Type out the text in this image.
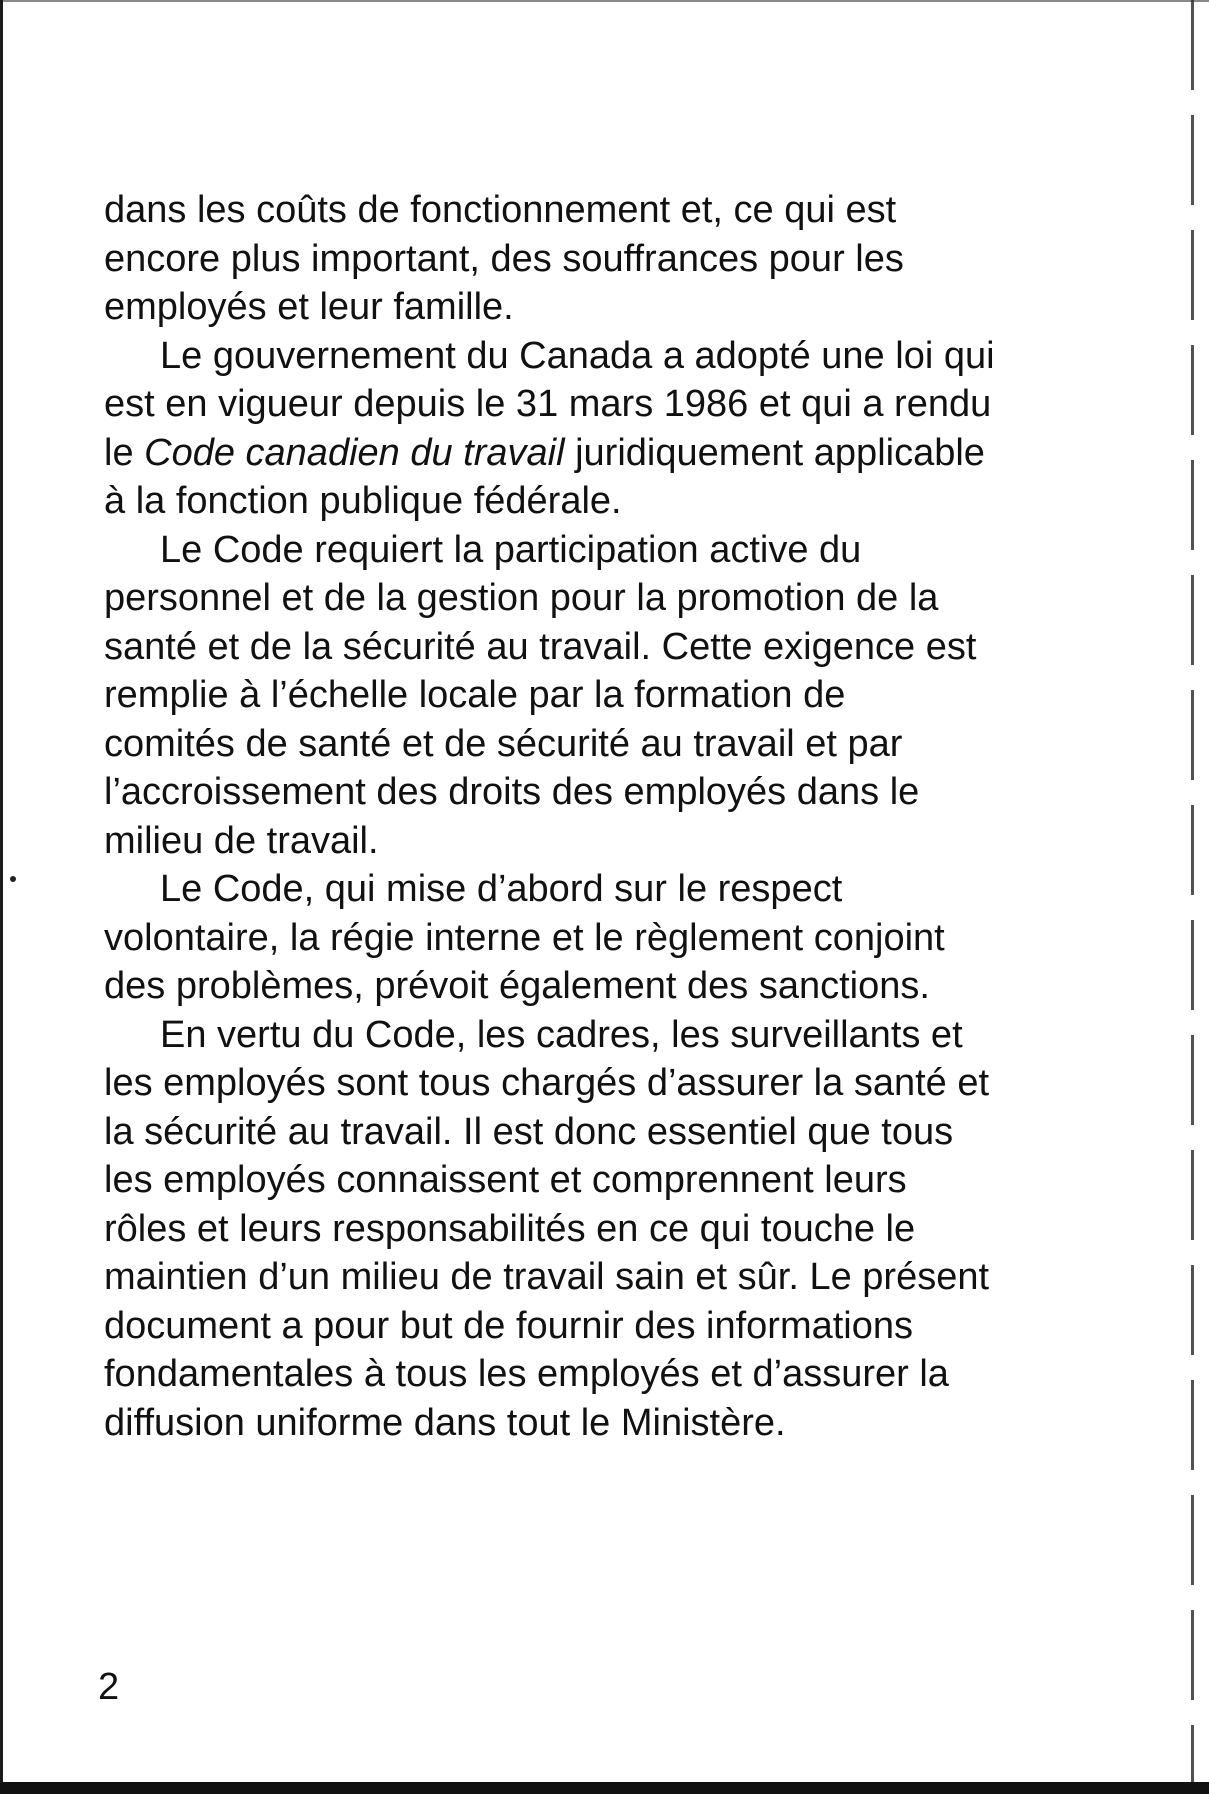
dans les coûts de fonctionnement et, ce qui est
encore plus important, des souffrances pour les
employés et leur famille.
Le gouvernement du Canada a adopté une loi qui
est en vigueur depuis le 31 mars 1986 et qui a rendu
le Code canadien du travail juridiquement applicable
à la fonction publique fédérale.
Le Code requiert la participation active du
personnel et de la gestion pour la promotion de la
santé et de la sécurité au travail. Cette exigence est
remplie à l’échelle locale par la formation de
comités de santé et de sécurité au travail et par
l’accroissement des droits des employés dans le
milieu de travail.
Le Code, qui mise d’abord sur le respect
volontaire, la régie interne et le règlement conjoint
des problèmes, prévoit également des sanctions.
En vertu du Code, les cadres, les surveillants et
les employés sont tous chargés d’assurer la santé et
la sécurité au travail. Il est donc essentiel que tous
les employés connaissent et comprennent leurs
rôles et leurs responsabilités en ce qui touche le
maintien d’un milieu de travail sain et sûr. Le présent
document a pour but de fournir des informations
fondamentales à tous les employés et d’assurer la
diffusion uniforme dans tout le Ministère.
2
